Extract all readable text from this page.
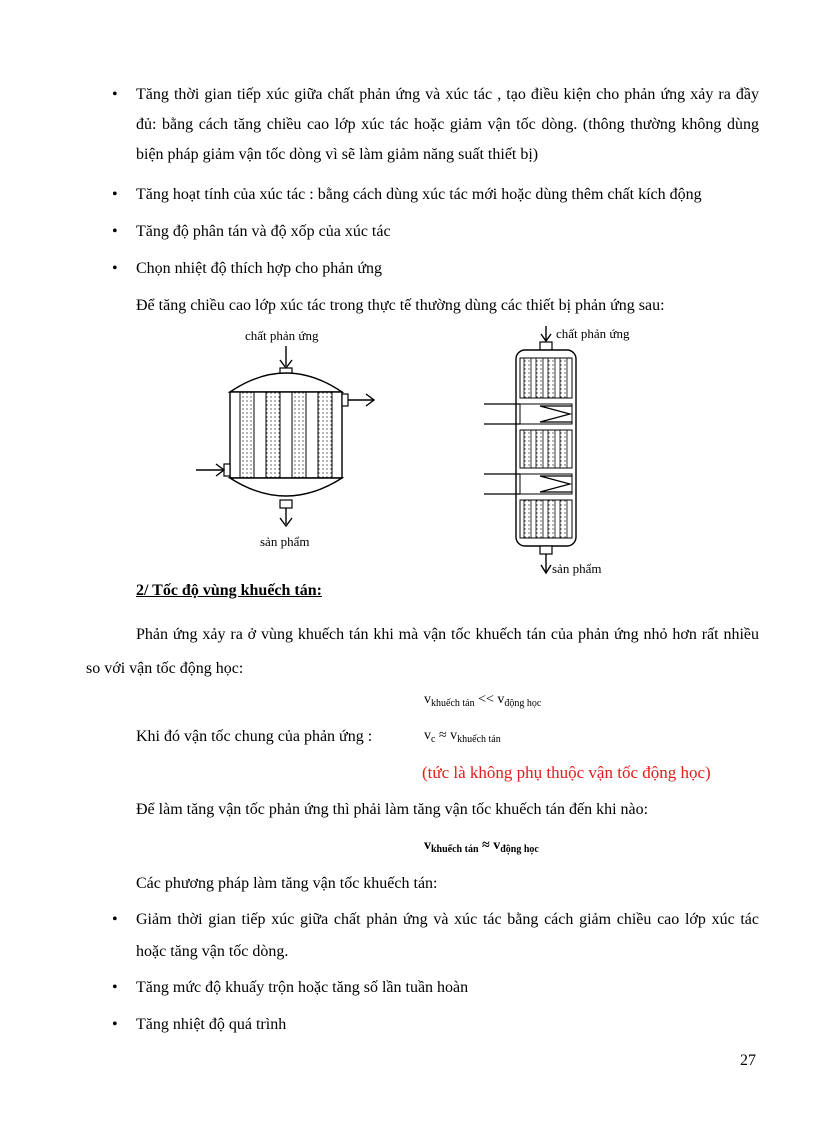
• Tăng thời gian tiếp xúc giữa chất phản ứng và xúc tác , tạo điều kiện cho phản ứng xảy ra đầy đủ: bằng cách tăng chiều cao lớp xúc tác hoặc giảm vận tốc dòng. (thông thường không dùng biện pháp giảm vận tốc dòng vì sẽ làm giảm năng suất thiết bị)
• Tăng hoạt tính của xúc tác : bằng cách dùng xúc tác mới hoặc dùng thêm chất kích động
• Tăng độ phân tán và độ xốp của xúc tác
• Chọn nhiệt độ thích hợp cho phản ứng
Để tăng chiều cao lớp xúc tác trong thực tế thường dùng các thiết bị phản ứng sau:
chất phản ứng
sản phẩm
chất phản ứng
sản phẩm
2/ Tốc độ vùng khuếch tán:
Phản ứng xảy ra ở vùng khuếch tán khi mà vận tốc khuếch tán của phản ứng nhỏ hơn rất nhiều so với vận tốc động học:
$v_{khuếch tán} << v_{động học}$
Khi đó vận tốc chung của phản ứng :	$v_c \approx v_{khuếch tán}$
(tức là không phụ thuộc vận tốc động học)
Để làm tăng vận tốc phản ứng thì phải làm tăng vận tốc khuếch tán đến khi nào:
$v_{khuếch tán} \approx v_{động học}$
Các phương pháp làm tăng vận tốc khuếch tán:
• Giảm thời gian tiếp xúc giữa chất phản ứng và xúc tác bằng cách giảm chiều cao lớp xúc tác hoặc tăng vận tốc dòng.
• Tăng mức độ khuấy trộn hoặc tăng số lần tuần hoàn
• Tăng nhiệt độ quá trình
27
